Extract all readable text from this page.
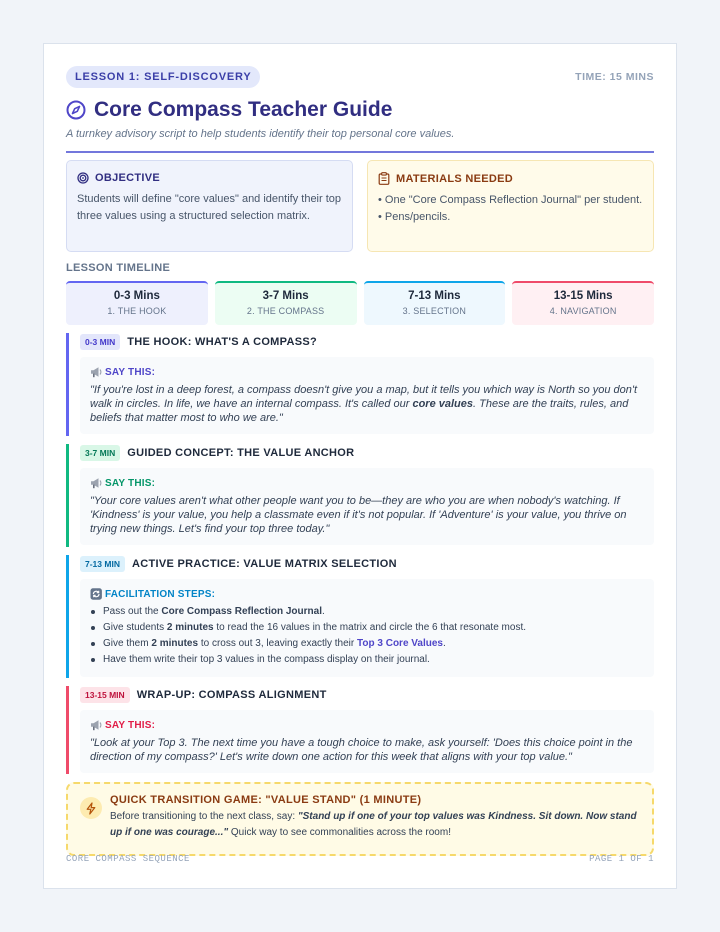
LESSON 1: SELF-DISCOVERY	TIME: 15 MINS
Core Compass Teacher Guide
A turnkey advisory script to help students identify their top personal core values.
OBJECTIVE
Students will define "core values" and identify their top three values using a structured selection matrix.
MATERIALS NEEDED
• One "Core Compass Reflection Journal" per student.
• Pens/pencils.
LESSON TIMELINE
0-3 Mins
1. THE HOOK
3-7 Mins
2. THE COMPASS
7-13 Mins
3. SELECTION
13-15 Mins
4. NAVIGATION
0-3 MIN	THE HOOK: WHAT'S A COMPASS?
SAY THIS:
"If you're lost in a deep forest, a compass doesn't give you a map, but it tells you which way is North so you don't walk in circles. In life, we have an internal compass. It's called our core values. These are the traits, rules, and beliefs that matter most to who we are."
3-7 MIN	GUIDED CONCEPT: THE VALUE ANCHOR
SAY THIS:
"Your core values aren't what other people want you to be—they are who you are when nobody's watching. If 'Kindness' is your value, you help a classmate even if it's not popular. If 'Adventure' is your value, you thrive on trying new things. Let's find your top three today."
7-13 MIN	ACTIVE PRACTICE: VALUE MATRIX SELECTION
FACILITATION STEPS:
Pass out the Core Compass Reflection Journal.
Give students 2 minutes to read the 16 values in the matrix and circle the 6 that resonate most.
Give them 2 minutes to cross out 3, leaving exactly their Top 3 Core Values.
Have them write their top 3 values in the compass display on their journal.
13-15 MIN	WRAP-UP: COMPASS ALIGNMENT
SAY THIS:
"Look at your Top 3. The next time you have a tough choice to make, ask yourself: 'Does this choice point in the direction of my compass?' Let's write down one action for this week that aligns with your top value."
QUICK TRANSITION GAME: "VALUE STAND" (1 MINUTE)
Before transitioning to the next class, say: "Stand up if one of your top values was Kindness. Sit down. Now stand up if one was courage..." Quick way to see commonalities across the room!
CORE COMPASS SEQUENCE	PAGE 1 OF 1
